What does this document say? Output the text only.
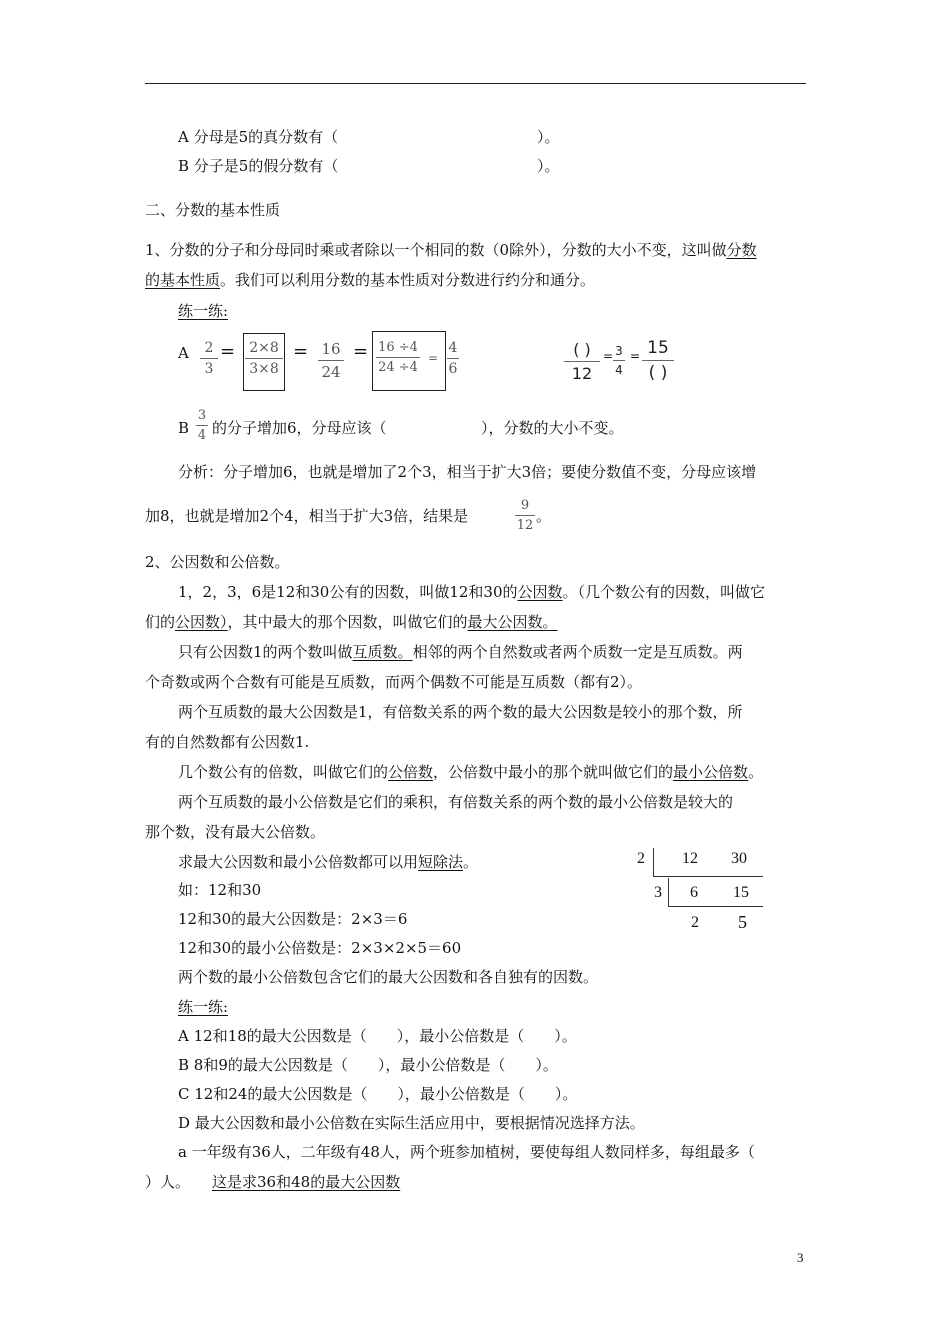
A 分母是5的真分数有（	）。
B 分子是5的假分数有（	）。
二、分数的基本性质
1、分数的分子和分母同时乘或者除以一个相同的数（0除外），分数的大小不变，这叫做分数
的基本性质。我们可以利用分数的基本性质对分数进行约分和通分。
练一练:
A	2
3
=	2×8
3×8
= 16
24
= 16 ÷4
24 ÷4
=
4
6
( )
12
= 3
4
= 15
( )
B
3
4 的分子增加6，分母应该（	），分数的大小不变。
分析：分子增加6，也就是增加了2个3，相当于扩大3倍；要使分数值不变，分母应该增
加8，也就是增加2个4，相当于扩大3倍，结果是
9
12
。
2、公因数和公倍数。
1，2，3，6是12和30公有的因数，叫做12和30的公因数。（几个数公有的因数，叫做它
们的公因数），其中最大的那个因数，叫做它们的最大公因数。
只有公因数1的两个数叫做互质数。相邻的两个自然数或者两个质数一定是互质数。两
个奇数或两个合数有可能是互质数，而两个偶数不可能是互质数（都有2）。
两个互质数的最大公因数是1，有倍数关系的两个数的最大公因数是较小的那个数，所
有的自然数都有公因数1.
几个数公有的倍数，叫做它们的公倍数，公倍数中最小的那个就叫做它们的最小公倍数。
两个互质数的最小公倍数是它们的乘积，有倍数关系的两个数的最小公倍数是较大的
那个数，没有最大公倍数。
求最大公因数和最小公倍数都可以用短除法。
如：12和30
12和30的最大公因数是：2×3＝6
12和30的最小公倍数是：2×3×2×5＝60
两个数的最小公倍数包含它们的最大公因数和各自独有的因数。
2 12 30
3 6 15
2 5
练一练:
A 12和18的最大公因数是（　　），最小公倍数是（　　）。
B 8和9的最大公因数是（　　），最小公倍数是（　　）。
C 12和24的最大公因数是（　　），最小公倍数是（　　）。
D 最大公因数和最小公倍数在实际生活应用中，要根据情况选择方法。
a 一年级有36人，二年级有48人，两个班参加植树，要使每组人数同样多，每组最多（
）人。 这是求36和48的最大公因数
3
